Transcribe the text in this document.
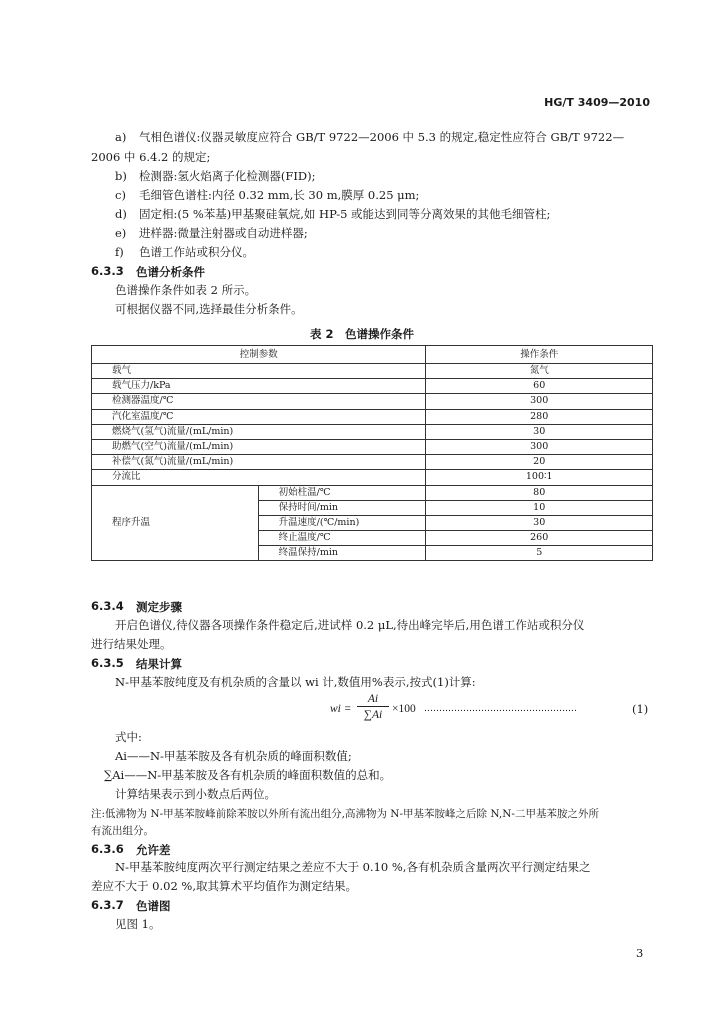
HG/T 3409—2010
a) 气相色谱仪:仪器灵敏度应符合 GB/T 9722—2006 中 5.3 的规定,稳定性应符合 GB/T 9722—
2006 中 6.4.2 的规定;
b) 检测器:氢火焰离子化检测器(FID);
c) 毛细管色谱柱:内径 0.32 mm,长 30 m,膜厚 0.25 μm;
d) 固定相:(5 %苯基)甲基聚硅氧烷,如 HP-5 或能达到同等分离效果的其他毛细管柱;
e) 进样器:微量注射器或自动进样器;
f) 色谱工作站或积分仪。
6.3.3 色谱分析条件
色谱操作条件如表 2 所示。
可根据仪器不同,选择最佳分析条件。
表 2　色谱操作条件
控制参数		操作条件
载气		氮气
载气压力/kPa		60
检测器温度/℃		300
汽化室温度/℃		280
燃烧气(氢气)流量/(mL/min)		30
助燃气(空气)流量/(mL/min)		300
补偿气(氮气)流量/(mL/min)		20
分流比		100∶1
程序升温	初始柱温/℃	80
	保持时间/min	10
	升温速度/(℃/min)	30
	终止温度/℃	260
	终温保持/min	5
6.3.4 测定步骤
开启色谱仪,待仪器各项操作条件稳定后,进试样 0.2 μL,待出峰完毕后,用色谱工作站或积分仪
进行结果处理。
6.3.5 结果计算
N-甲基苯胺纯度及有机杂质的含量以 wi 计,数值用%表示,按式(1)计算:
wi =
Ai
∑Ai ×100 ……………………………………………	(1)
式中:
Ai——N-甲基苯胺及各有机杂质的峰面积数值;
∑Ai——N-甲基苯胺及各有机杂质的峰面积数值的总和。
计算结果表示到小数点后两位。
注:低沸物为 N-甲基苯胺峰前除苯胺以外所有流出组分,高沸物为 N-甲基苯胺峰之后除 N,N-二甲基苯胺之外所
有流出组分。
6.3.6 允许差
N-甲基苯胺纯度两次平行测定结果之差应不大于 0.10 %,各有机杂质含量两次平行测定结果之
差应不大于 0.02 %,取其算术平均值作为测定结果。
6.3.7 色谱图
见图 1。
3
